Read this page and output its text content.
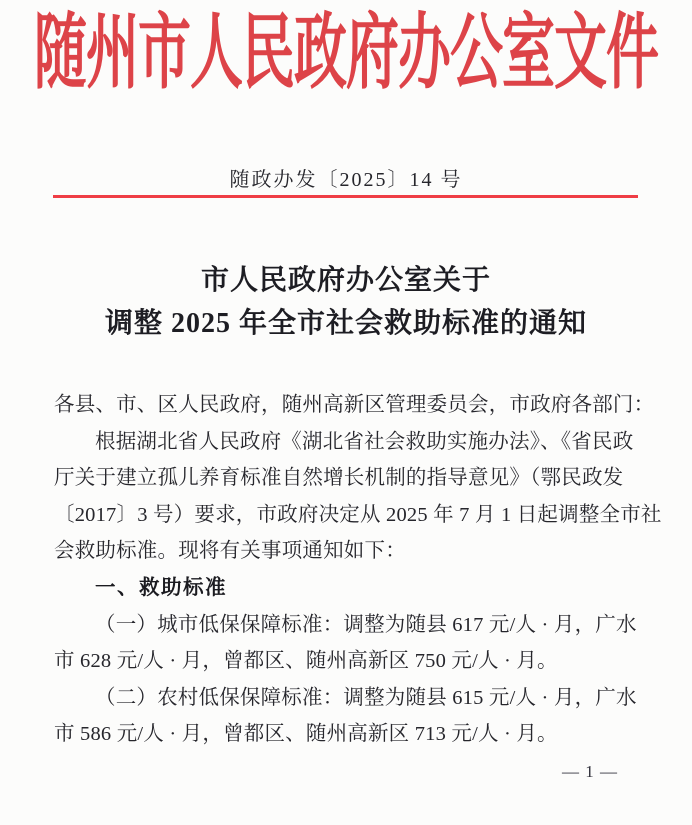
随州市人民政府办公室文件
随政办发〔2025〕14 号
市人民政府办公室关于
调整 2025 年全市社会救助标准的通知
各县、市、区人民政府，随州高新区管理委员会，市政府各部门：
根据湖北省人民政府《湖北省社会救助实施办法》、《省民政
厅关于建立孤儿养育标准自然增长机制的指导意见》（鄂民政发
〔2017〕3 号）要求，市政府决定从 2025 年 7 月 1 日起调整全市社
会救助标准。现将有关事项通知如下：
一、救助标准
（一）城市低保保障标准：调整为随县 617 元/人 · 月，广水
市 628 元/人 · 月，曾都区、随州高新区 750 元/人 · 月。
（二）农村低保保障标准：调整为随县 615 元/人 · 月，广水
市 586 元/人 · 月，曾都区、随州高新区 713 元/人 · 月。
— 1 —
